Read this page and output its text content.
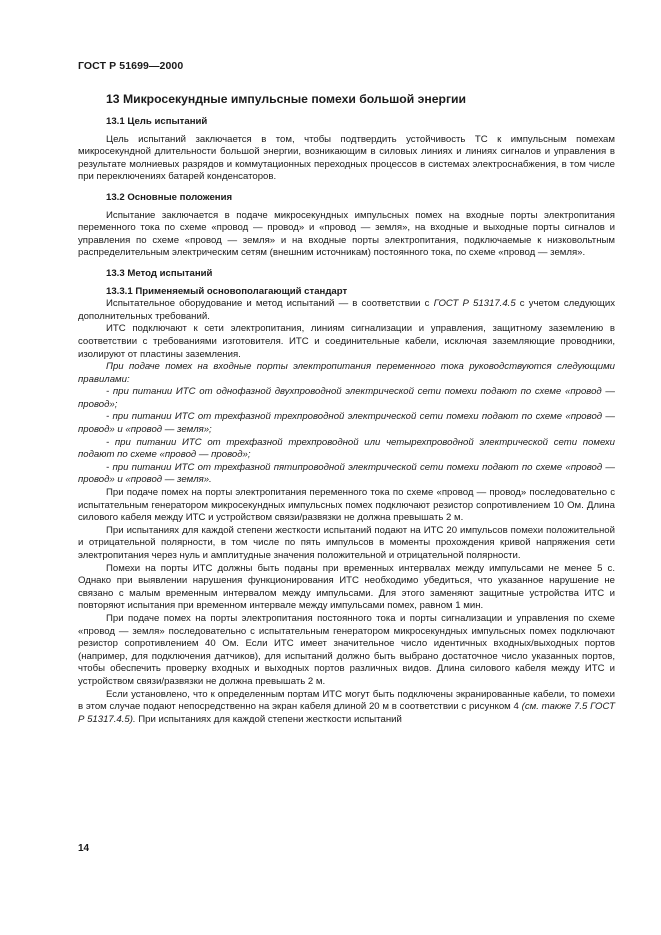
ГОСТ Р 51699—2000
13 Микросекундные импульсные помехи большой энергии
13.1 Цель испытаний

Цель испытаний заключается в том, чтобы подтвердить устойчивость ТС к импульсным помехам микросекундной длительности большой энергии, возникающим в силовых линиях и линиях сигналов и управления в результате молниевых разрядов и коммутационных переходных процессов в системах электроснабжения, в том числе при переключениях батарей конденсаторов.

13.2 Основные положения

Испытание заключается в подаче микросекундных импульсных помех на входные порты электропитания переменного тока по схеме «провод — провод» и «провод — земля», на входные и выходные порты сигналов и управления по схеме «провод — земля» и на входные порты электропитания, подключаемые к низковольтным распределительным электрическим сетям (внешним источникам) постоянного тока, по схеме «провод — земля».

13.3 Метод испытаний
13.3.1 Применяемый основополагающий стандарт

Испытательное оборудование и метод испытаний — в соответствии с ГОСТ Р 51317.4.5 с учетом следующих дополнительных требований.

ИТС подключают к сети электропитания, линиям сигнализации и управления, защитному заземлению в соответствии с требованиями изготовителя. ИТС и соединительные кабели, исключая заземляющие проводники, изолируют от пластины заземления.

При подаче помех на входные порты электропитания переменного тока руководствуются следующими правилами:

- при питании ИТС от однофазной двухпроводной электрической сети помехи подают по схеме «провод — провод»;

- при питании ИТС от трехфазной трехпроводной электрической сети помехи подают по схеме «провод — провод» и «провод — земля»;

- при питании ИТС от трехфазной трехпроводной или четырехпроводной электрической сети помехи подают по схеме «провод — провод»;

- при питании ИТС от трехфазной пятипроводной электрической сети помехи подают по схеме «провод — провод» и «провод — земля».

При подаче помех на порты электропитания переменного тока по схеме «провод — провод» последовательно с испытательным генератором микросекундных импульсных помех подключают резистор сопротивлением 10 Ом. Длина силового кабеля между ИТС и устройством связи/развязки не должна превышать 2 м.

При испытаниях для каждой степени жесткости испытаний подают на ИТС 20 импульсов помехи положительной и отрицательной полярности, в том числе по пять импульсов в моменты прохождения кривой напряжения сети электропитания через нуль и амплитудные значения положительной и отрицательной полярности.

Помехи на порты ИТС должны быть поданы при временных интервалах между импульсами не менее 5 с. Однако при выявлении нарушения функционирования ИТС необходимо убедиться, что указанное нарушение не связано с малым временным интервалом между импульсами. Для этого заменяют защитные устройства ИТС и повторяют испытания при временном интервале между импульсами помех, равном 1 мин.

При подаче помех на порты электропитания постоянного тока и порты сигнализации и управления по схеме «провод — земля» последовательно с испытательным генератором микросекундных импульсных помех подключают резистор сопротивлением 40 Ом. Если ИТС имеет значительное число идентичных входных/выходных портов (например, для подключения датчиков), для испытаний должно быть выбрано достаточное число указанных портов, чтобы обеспечить проверку входных и выходных портов различных видов. Длина силового кабеля между ИТС и устройством связи/развязки не должна превышать 2 м.

Если установлено, что к определенным портам ИТС могут быть подключены экранированные кабели, то помехи в этом случае подают непосредственно на экран кабеля длиной 20 м в соответствии с рисунком 4 (см. также 7.5 ГОСТ Р 51317.4.5). При испытаниях для каждой степени жесткости испытаний

14
